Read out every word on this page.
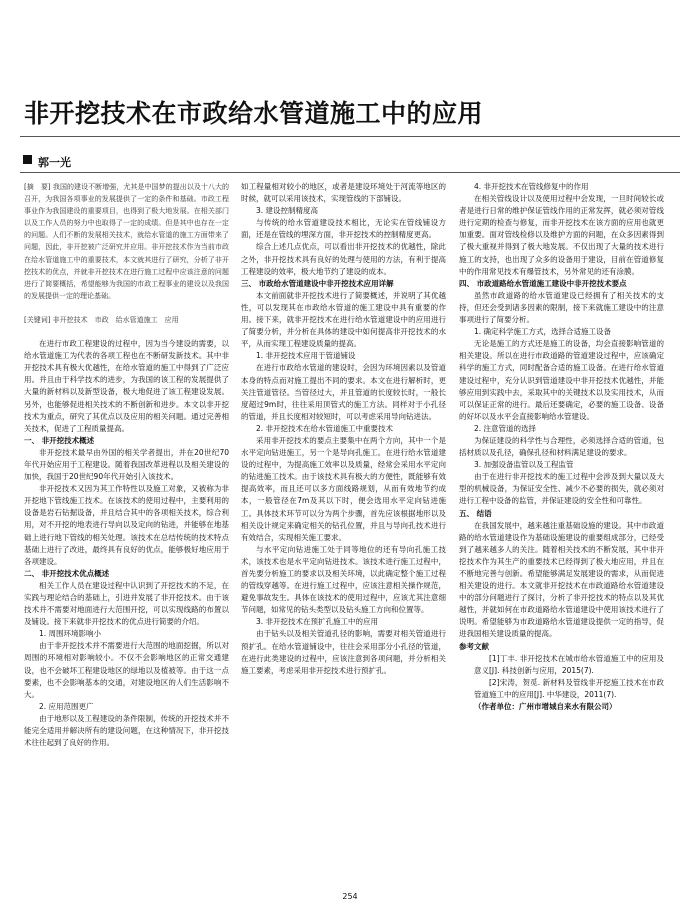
非开挖技术在市政给水管道施工中的应用
郭一光

[摘　要] 我国的建设不断增强，尤其是中国梦的提出以及十八大的召开，为我国各项事业的发展提供了一定的条件和基础。市政工程事业作为我国建设的重要项目，也得到了极大地发展。在相关部门以及工作人员的努力中也取得了一定的成绩。但是其中也存在一定的问题。人们不断的发展相关技术，就给水管道的施工方面带来了问题，因此，非开挖被广泛研究并应用。非开挖技术作为当前市政在给水管道施工中的重要技术，本文就其进行了研究，分析了非开挖技术的优点，并就非开挖技术在进行施工过程中应该注意的问题进行了简要概括，希望能够为我国的市政工程事业的建设以及我国的发展提供一定的理论基础。

[关键词] 非开挖技术　市政　给水管道施工　应用

在进行市政工程建设的过程中，因为当今建设的需要，以给水管道施工为代表的各项工程也在不断研发新技术。其中非开挖技术具有极大优越性，在给水管道的施工中得到了广泛应用。并且由于科学技术的进步，为我国的该工程的发展提供了大量的新材料以及新型设备，极大地促进了该工程建设发展。另外，也能够促进相关技术的不断创新和进步。本文以非开挖技术为重点，研究了其优点以及应用的相关问题。通过完善相关技术，促进了工程质量提高。

一、 非开挖技术概述

非开挖技术最早由外国的相关学者提出，并在20世纪70年代开始应用于工程建设。随着我国改革进程以及相关建设的加快，我国于20世纪90年代开始引入该技术。

非开挖技术又因为其工作特性以及施工对象，又被称为非开挖地下管线施工技术。在该技术的使用过程中，主要利用的设备是岩石钻掘设备，并且结合其中的各项相关技术，综合利用，对不开挖的地表进行导向以及定向的钻进，并能够在地基础上进行地下管线的相关处理。该技术在总结传统的技术特点基础上进行了改进，最终具有良好的优点，能够极好地应用于各项建设。

二、 非开挖技术优点概述

相关工作人员在建设过程中认识到了开挖技术的不足，在实践与理论结合的基础上，引进并发展了非开挖技术。由于该技术并不需要对地面进行大范围开挖，可以实现线路的布置以及铺设。接下来就非开挖技术的优点进行简要的介绍。

1. 周围环境影响小

由于非开挖技术并不需要进行大范围的地面挖掘，所以对周围的环境相对影响较小。不仅不会影响地区的正常交通建设，也不会破坏工程建设地区的绿地以及植被等。由于这一点要素，也不会影响基本的交通，对建设地区的人们生活影响不大。

2. 应用范围更广

由于地形以及工程建设的条件限制，传统的开挖技术并不能完全适用并解决所有的建设问题，在这种情况下，非开挖技术往往起到了良好的作用。

如工程量相对较小的地区，或者是建设环境处于河流等地区的时候，就可以采用该技术，实现管线的下部铺设。

3. 建设控制精度高

与传统的给水管道建设技术相比，无论实在管线铺设方面，还是在管线的埋深方面，非开挖技术的控制精度更高。

综合上述几点优点，可以看出非开挖技术的优越性，除此之外，非开挖技术具有良好的处理与使用的方法，有利于提高工程建设的效率，极大地节约了建设的成本。

三、 市政给水管道建设中非开挖技术应用详解

本文前面就非开挖技术进行了简要概述，并说明了其优越性，可以发现其在市政给水管道的施工建设中具有重要的作用。接下来，就非开挖技术在进行给水管道建设中的应用进行了简要分析，并分析在具体的建设中如何提高非开挖技术的水平，从而实现工程建设质量的提高。

1. 非开挖技术应用于管道铺设

在进行市政给水管道的建设时，会因为环境因素以及管道本身的特点而对施工提出不同的要求。本文在进行解析时，更关注管道管径。当管径过大，并且管道的长度较长时，一般长度超过9m时，往往采用顶管式的施工方法。同样对于小孔径的管道，并且长度相对较短时，可以考虑采用导向钻进法。

2. 非开挖技术在给水管道施工中重要技术

采用非开挖技术的要点主要集中在两个方向，其中一个是水平定向钻进施工，另一个是导向孔施工。在进行给水管道建设的过程中，为提高施工效率以及质量，经常会采用水平定向的钻进施工技术。由于该技术具有极大的方便性，既能够有效提高效率，而且还可以多方面线路规划，从而有效地节约成本，一般管径在7m及其以下时，便会选用水平定向钻进施工。具体技术环节可以分为两个步骤，首先应该根据地形以及相关设计规定来确定相关的钻孔位置，并且与导向孔技术进行有效结合，实现相关施工要求。

与水平定向钻进施工处于同等地位的还有导向孔施工技术，该技术也是水平定向钻进技术。该技术进行施工过程中，首先要分析施工的要求以及相关环境，以此确定整个施工过程的管线穿越等。在进行施工过程中，应该注意相关操作规范，避免事故发生。具体在该技术的使用过程中，应该尤其注意细节问题，如常见的钻头类型以及钻头施工方向和位置等。

3. 非开挖技术在预扩孔施工中的应用

由于钻头以及相关管道孔径的影响，需要对相关管道进行预扩孔。在给水管道铺设中，往往会采用部分小孔径的管道，在进行此类建设的过程中，应该注意到各项问题，并分析相关施工要素，考虑采用非开挖技术进行预扩孔。

4. 非开挖技术在管线修复中的作用

在相关管线设计以及使用过程中会发现，一旦时间较长或者是进行日常的维护保证管线作用的正常发挥，就必须对管线进行定期的检查与修复，而非开挖技术在该方面的应用也就更加重要。面对管线检修以及维护方面的问题，在众多因素得到了极大重视并得到了极大地发展。不仅出现了大量的技术进行施工的支持，也出现了众多的设备用于建设，目前在管道修复中的作用常见技术有爆管技术，另外常见的还有涂膜。

四、 市政道路给水管道施工建设中非开挖技术要点

虽然市政道路的给水管道建设已经拥有了相关技术的支持，但还会受到诸多因素的限制，接下来就施工建设中的注意事项进行了简要分析。

1. 确定科学施工方式，选择合适施工设备

无论是施工的方式还是施工的设备，均会直接影响管道的相关建设。所以在进行市政道路的管道建设过程中，应该确定科学的施工方式，同时配备合适的施工设备。在进行给水管道建设过程中，充分认识到管道建设中非开挖技术优越性，并能够应用到实践中去，采取其中的关键技术以及实用技术，从而可以保证正常的进行。最后还要确定，必要的施工设备、设备的好坏以及水平会直接影响给水管建设。

2. 注意管道的选择

为保证建设的科学性与合理性，必须选择合适的管道，包括材质以及孔径，确保孔径和材料满足建设的要求。

3. 加强设备监管以及工程监管

由于在进行非开挖技术的施工过程中会涉及到大量以及大型的机械设备，为保证安全性、减少不必要的损失，就必须对进行工程中设备的监管，并保证建设的安全性和可靠性。

五、 结语

在我国发展中，越来越注重基础设施的建设。其中市政道路的给水管道建设作为基础设施建设的重要组成部分，已经受到了越来越多人的关注。随着相关技术的不断发展，其中非开挖技术作为其生产的重要技术已经得到了极大地应用，并且在不断地完善与创新。希望能够满足发展建设的需求，从而促进相关建设的进行。本文就非开挖技术在市政道路给水管道建设中的部分问题进行了探讨，分析了非开挖技术的特点以及其优越性，并就如何在市政道路给水管道建设中使用该技术进行了说明。希望能够为市政道路给水管道建设提供一定的指导，促进我国相关建设质量的提高。

参考文献

[1]丁丰. 非开挖技术在城市给水管道施工中的应用及意义[J]. 科技创新与应用，2015(7).

[2]宋涛，贺觅. 新材料及管线非开挖施工技术在市政管道施工中的应用[J]. 中华建设，2011(7).

（作者单位：广州市增城自来水有限公司）

254
